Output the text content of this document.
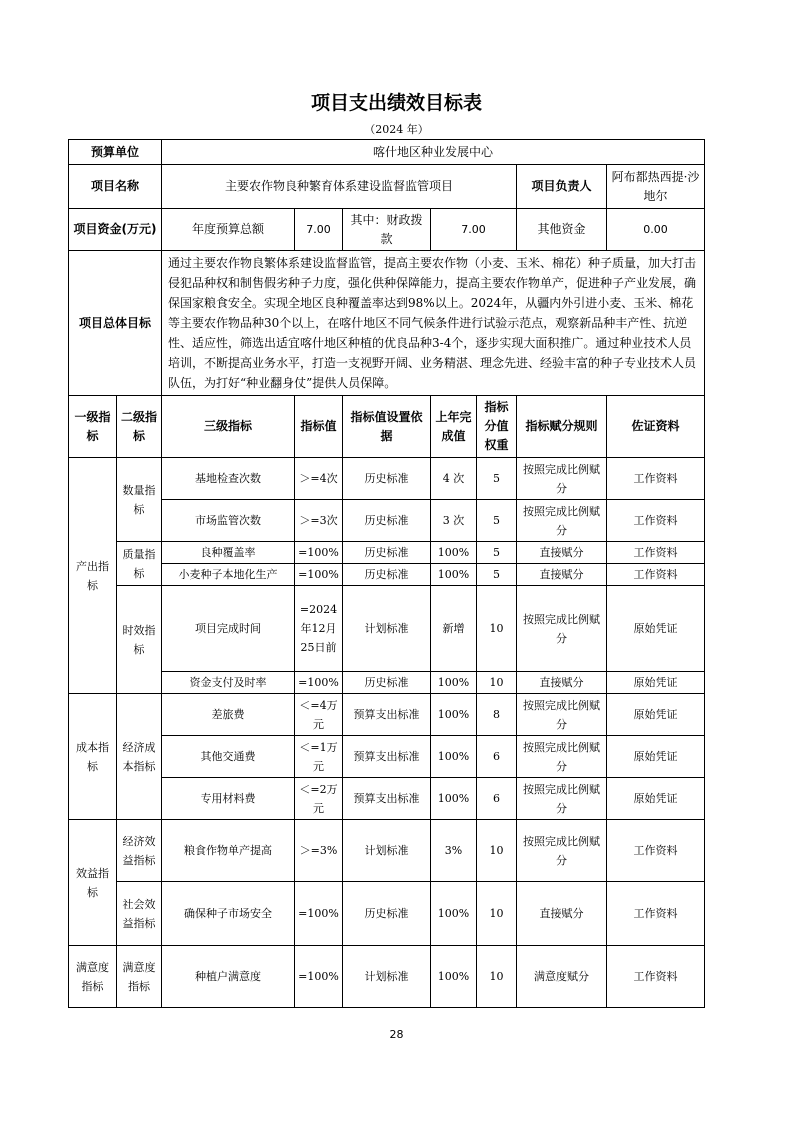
项目支出绩效目标表
（2024 年）
预算单位		喀什地区种业发展中心						
项目名称		主要农作物良种繁育体系建设监督监管项目					项目负责人	阿布都热西提·沙地尔
项目资金(万元)		年度预算总额	7.00	其中：财政拨款	7.00		其他资金	0.00
项目总体目标		通过主要农作物良繁体系建设监督监管，提高主要农作物（小麦、玉米、棉花）种子质量，加大打击侵犯品种权和制售假劣种子力度，强化供种保障能力，提高主要农作物单产，促进种子产业发展，确保国家粮食安全。实现全地区良种覆盖率达到98%以上。2024年，从疆内外引进小麦、玉米、棉花等主要农作物品种30个以上，在喀什地区不同气候条件进行试验示范点，观察新品种丰产性、抗逆性、适应性，筛选出适宜喀什地区种植的优良品种3-4个，逐步实现大面积推广。通过种业技术人员培训，不断提高业务水平，打造一支视野开阔、业务精湛、理念先进、经验丰富的种子专业技术人员队伍，为打好“种业翻身仗”提供人员保障。						
一级指标	二级指标	三级指标	指标值	指标值设置依据	上年完成值	指标分值权重	指标赋分规则	佐证资料
产出指标	数量指标	基地检查次数	＞=4次	历史标准	4 次	5	按照完成比例赋分	工作资料
		市场监管次数	＞=3次	历史标准	3 次	5	按照完成比例赋分	工作资料
	质量指标	良种覆盖率	=100%	历史标准	100%	5	直接赋分	工作资料
		小麦种子本地化生产	=100%	历史标准	100%	5	直接赋分	工作资料
	时效指标	项目完成时间	=2024年12月25日前	计划标准	新增	10	按照完成比例赋分	原始凭证
		资金支付及时率	=100%	历史标准	100%	10	直接赋分	原始凭证
成本指标	经济成本指标	差旅费	＜=4万元	预算支出标准	100%	8	按照完成比例赋分	原始凭证
		其他交通费	＜=1万元	预算支出标准	100%	6	按照完成比例赋分	原始凭证
		专用材料费	＜=2万元	预算支出标准	100%	6	按照完成比例赋分	原始凭证
效益指标	经济效益指标	粮食作物单产提高	＞=3%	计划标准	3%	10	按照完成比例赋分	工作资料
	社会效益指标	确保种子市场安全	=100%	历史标准	100%	10	直接赋分	工作资料
满意度指标	满意度指标	种植户满意度	=100%	计划标准	100%	10	满意度赋分	工作资料
28
